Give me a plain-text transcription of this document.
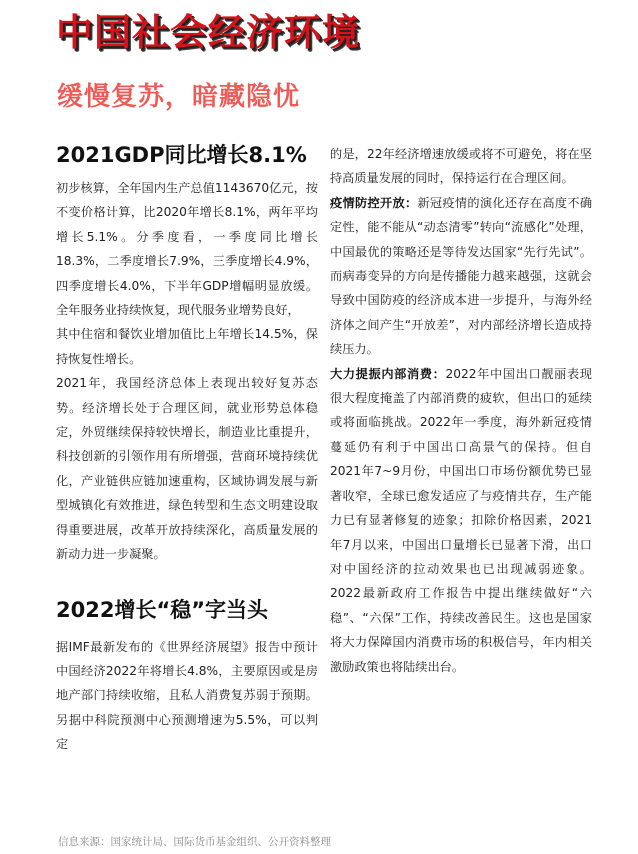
中国社会经济环境
缓慢复苏，暗藏隐忧
2021GDP同比增长8.1%

初步核算，全年国内生产总值1143670亿元，按不变价格计算，比2020年增长8.1%，两年平均增长5.1%。分季度看，一季度同比增长18.3%，二季度增长7.9%，三季度增长4.9%，四季度增长4.0%，下半年GDP增幅明显放缓。全年服务业持续恢复，现代服务业增势良好，

其中住宿和餐饮业增加值比上年增长14.5%，保持恢复性增长。

2021年，我国经济总体上表现出较好复苏态势。经济增长处于合理区间，就业形势总体稳定，外贸继续保持较快增长，制造业比重提升，科技创新的引领作用有所增强，营商环境持续优化，产业链供应链加速重构，区域协调发展与新型城镇化有效推进，绿色转型和生态文明建设取得重要进展，改革开放持续深化，高质量发展的新动力进一步凝聚。

2022增长“稳”字当头

据IMF最新发布的《世界经济展望》报告中预计中国经济2022年将增长4.8%，主要原因或是房地产部门持续收缩，且私人消费复苏弱于预期。另据中科院预测中心预测增速为5.5%，可以判定

的是，22年经济增速放缓或将不可避免，将在坚持高质量发展的同时，保持运行在合理区间。

疫情防控开放：新冠疫情的演化还存在高度不确定性，能不能从“动态清零”转向“流感化”处理，中国最优的策略还是等待发达国家“先行先试”。而病毒变异的方向是传播能力越来越强，这就会导致中国防疫的经济成本进一步提升，与海外经济体之间产生“开放差”，对内部经济增长造成持续压力。

大力提振内部消费：2022年中国出口靓丽表现很大程度掩盖了内部消费的疲软，但出口的延续或将面临挑战。2022年一季度，海外新冠疫情蔓延仍有利于中国出口高景气的保持。但自2021年7~9月份，中国出口市场份额优势已显著收窄，全球已愈发适应了与疫情共存，生产能力已有显著修复的迹象；扣除价格因素，2021年7月以来，中国出口量增长已显著下滑，出口对中国经济的拉动效果也已出现减弱迹象。2022最新政府工作报告中提出继续做好“六稳”、“六保”工作，持续改善民生。这也是国家将大力保障国内消费市场的积极信号，年内相关激励政策也将陆续出台。

信息来源：国家统计局、国际货币基金组织、公开资料整理
